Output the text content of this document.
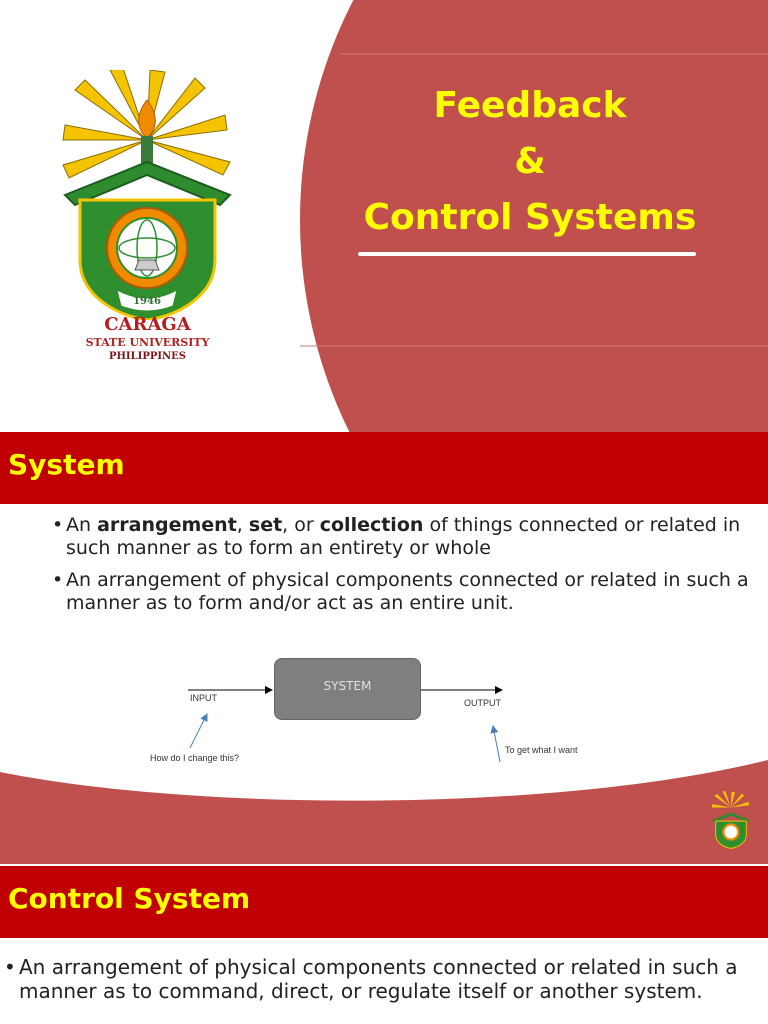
1946
CARAGA
STATE UNIVERSITY
PHILIPPINES
Feedback
&
Control Systems
System
• An arrangement, set, or collection of things connected or related in such manner as to form an entirety or whole
• An arrangement of physical components connected or related in such a manner as to form and/or act as an entire unit.
SYSTEM
INPUT	OUTPUT
How do I change this?
To get what I want
Control System
• An arrangement of physical components connected or related in such a manner as to command, direct, or regulate itself or another system.
